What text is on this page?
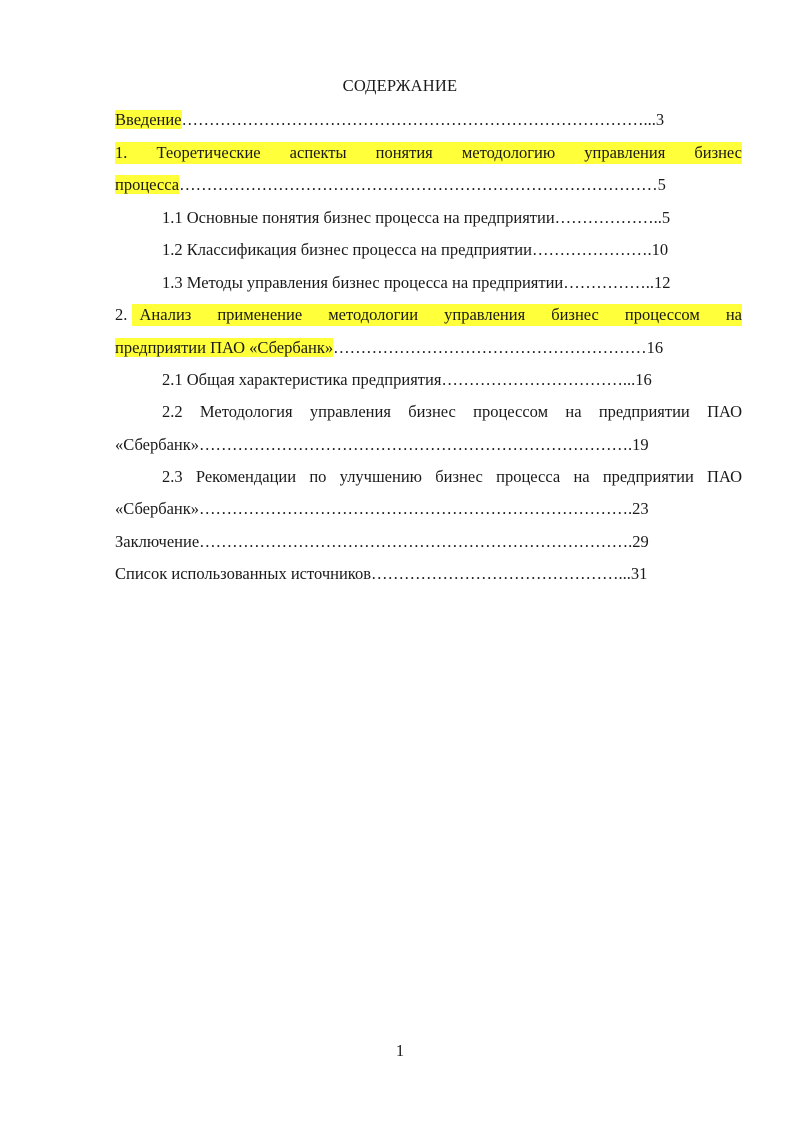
СОДЕРЖАНИЕ
Введение…………………………………………………………………………...3
1. Теоретические аспекты понятия методологию управления бизнес
процесса……………………………………………………………………………5
1.1 Основные понятия бизнес процесса на предприятии………………..5
1.2 Классификация бизнес процесса на предприятии………………….10
1.3 Методы управления бизнес процесса на предприятии……………..12
2. Анализ применение методологии управления бизнес процессом на
предприятии ПАО «Сбербанк»…………………………………………………16
2.1 Общая характеристика предприятия……………………………...16
2.2 Методология управления бизнес процессом на предприятии ПАО
«Сбербанк»…………………………………………………………………….19
2.3 Рекомендации по улучшению бизнес процесса на предприятии ПАО
«Сбербанк»…………………………………………………………………….23
Заключение…………………………………………………………………….29
Список использованных источников………………………………………...31
1
